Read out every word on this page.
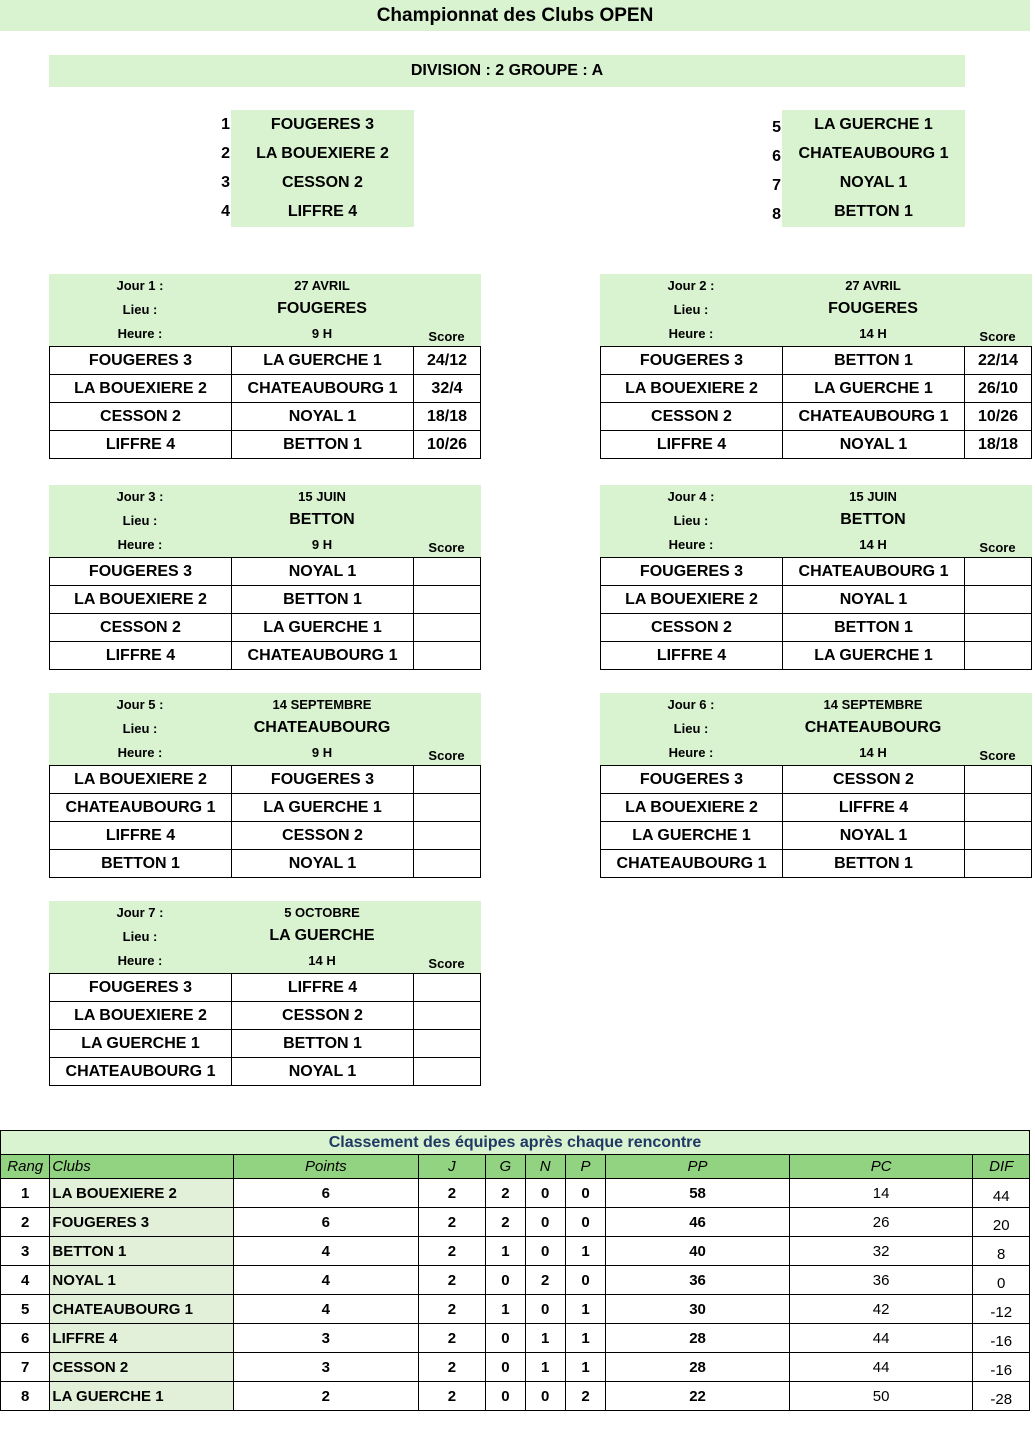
Championnat des Clubs OPEN
DIVISION : 2 GROUPE : A
1	FOUGERES 3
2	LA BOUEXIERE 2
3	CESSON 2
4	LIFFRE 4
5	LA GUERCHE 1
6	CHATEAUBOURG 1
7	NOYAL 1
8	BETTON 1
Jour 1 :	27 AVRIL
Lieu :	FOUGERES
Heure :	9 H	Score
FOUGERES 3	LA GUERCHE 1	24/12
LA BOUEXIERE 2	CHATEAUBOURG 1	32/4
CESSON 2	NOYAL 1	18/18
LIFFRE 4	BETTON 1	10/26
Jour 2 :	27 AVRIL
Lieu :	FOUGERES
Heure :	14 H	Score
FOUGERES 3	BETTON 1	22/14
LA BOUEXIERE 2	LA GUERCHE 1	26/10
CESSON 2	CHATEAUBOURG 1	10/26
LIFFRE 4	NOYAL 1	18/18
Jour 3 :	15 JUIN
Lieu :	BETTON
Heure :	9 H	Score
FOUGERES 3	NOYAL 1	
LA BOUEXIERE 2	BETTON 1	
CESSON 2	LA GUERCHE 1	
LIFFRE 4	CHATEAUBOURG 1	
Jour 4 :	15 JUIN
Lieu :	BETTON
Heure :	14 H	Score
FOUGERES 3	CHATEAUBOURG 1	
LA BOUEXIERE 2	NOYAL 1	
CESSON 2	BETTON 1	
LIFFRE 4	LA GUERCHE 1	
Jour 5 :	14 SEPTEMBRE
Lieu :	CHATEAUBOURG
Heure :	9 H	Score
LA BOUEXIERE 2	FOUGERES 3	
CHATEAUBOURG 1	LA GUERCHE 1	
LIFFRE 4	CESSON 2	
BETTON 1	NOYAL 1	
Jour 6 :	14 SEPTEMBRE
Lieu :	CHATEAUBOURG
Heure :	14 H	Score
FOUGERES 3	CESSON 2	
LA BOUEXIERE 2	LIFFRE 4	
LA GUERCHE 1	NOYAL 1	
CHATEAUBOURG 1	BETTON 1	
Jour 7 :	5 OCTOBRE
Lieu :	LA GUERCHE
Heure :	14 H	Score
FOUGERES 3	LIFFRE 4	
LA BOUEXIERE 2	CESSON 2	
LA GUERCHE 1	BETTON 1	
CHATEAUBOURG 1	NOYAL 1	
Classement des équipes après chaque rencontre									
Rang	Clubs	Points	J	G	N	P	PP	PC	DIF
1	LA BOUEXIERE 2	6	2	2	0	0	58	14	44
2	FOUGERES 3	6	2	2	0	0	46	26	20
3	BETTON 1	4	2	1	0	1	40	32	8
4	NOYAL 1	4	2	0	2	0	36	36	0
5	CHATEAUBOURG 1	4	2	1	0	1	30	42	-12
6	LIFFRE 4	3	2	0	1	1	28	44	-16
7	CESSON 2	3	2	0	1	1	28	44	-16
8	LA GUERCHE 1	2	2	0	0	2	22	50	-28
